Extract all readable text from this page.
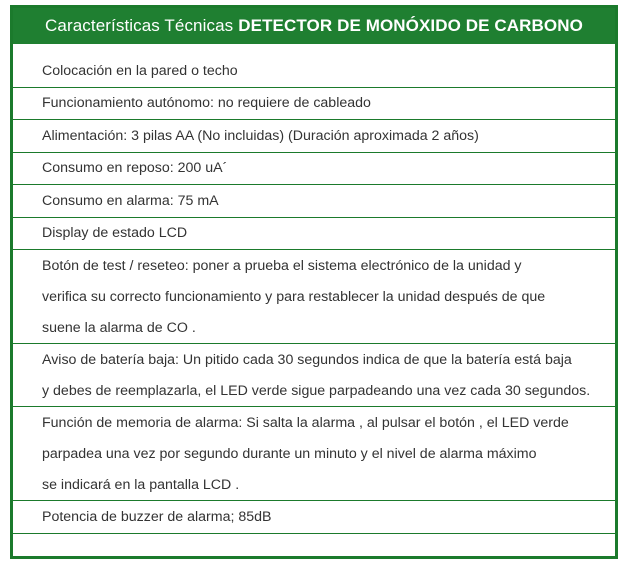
Características Técnicas DETECTOR DE MONÓXIDO DE CARBONO
Colocación en la pared o techo
Funcionamiento autónomo: no requiere de cableado
Alimentación: 3 pilas AA (No incluidas) (Duración aproximada 2 años)
Consumo en reposo: 200 uA´
Consumo en alarma: 75 mA
Display de estado LCD
Botón de test / reseteo: poner a prueba el sistema electrónico de la unidad y
verifica su correcto funcionamiento y para restablecer la unidad después de que
suene la alarma de CO .
Aviso de batería baja: Un pitido cada 30 segundos indica de que la batería está baja
y debes de reemplazarla, el LED verde sigue parpadeando una vez cada 30 segundos.
Función de memoria de alarma: Si salta la alarma , al pulsar el botón , el LED verde
parpadea una vez por segundo durante un minuto y el nivel de alarma máximo
se indicará en la pantalla LCD .
Potencia de buzzer de alarma; 85dB
